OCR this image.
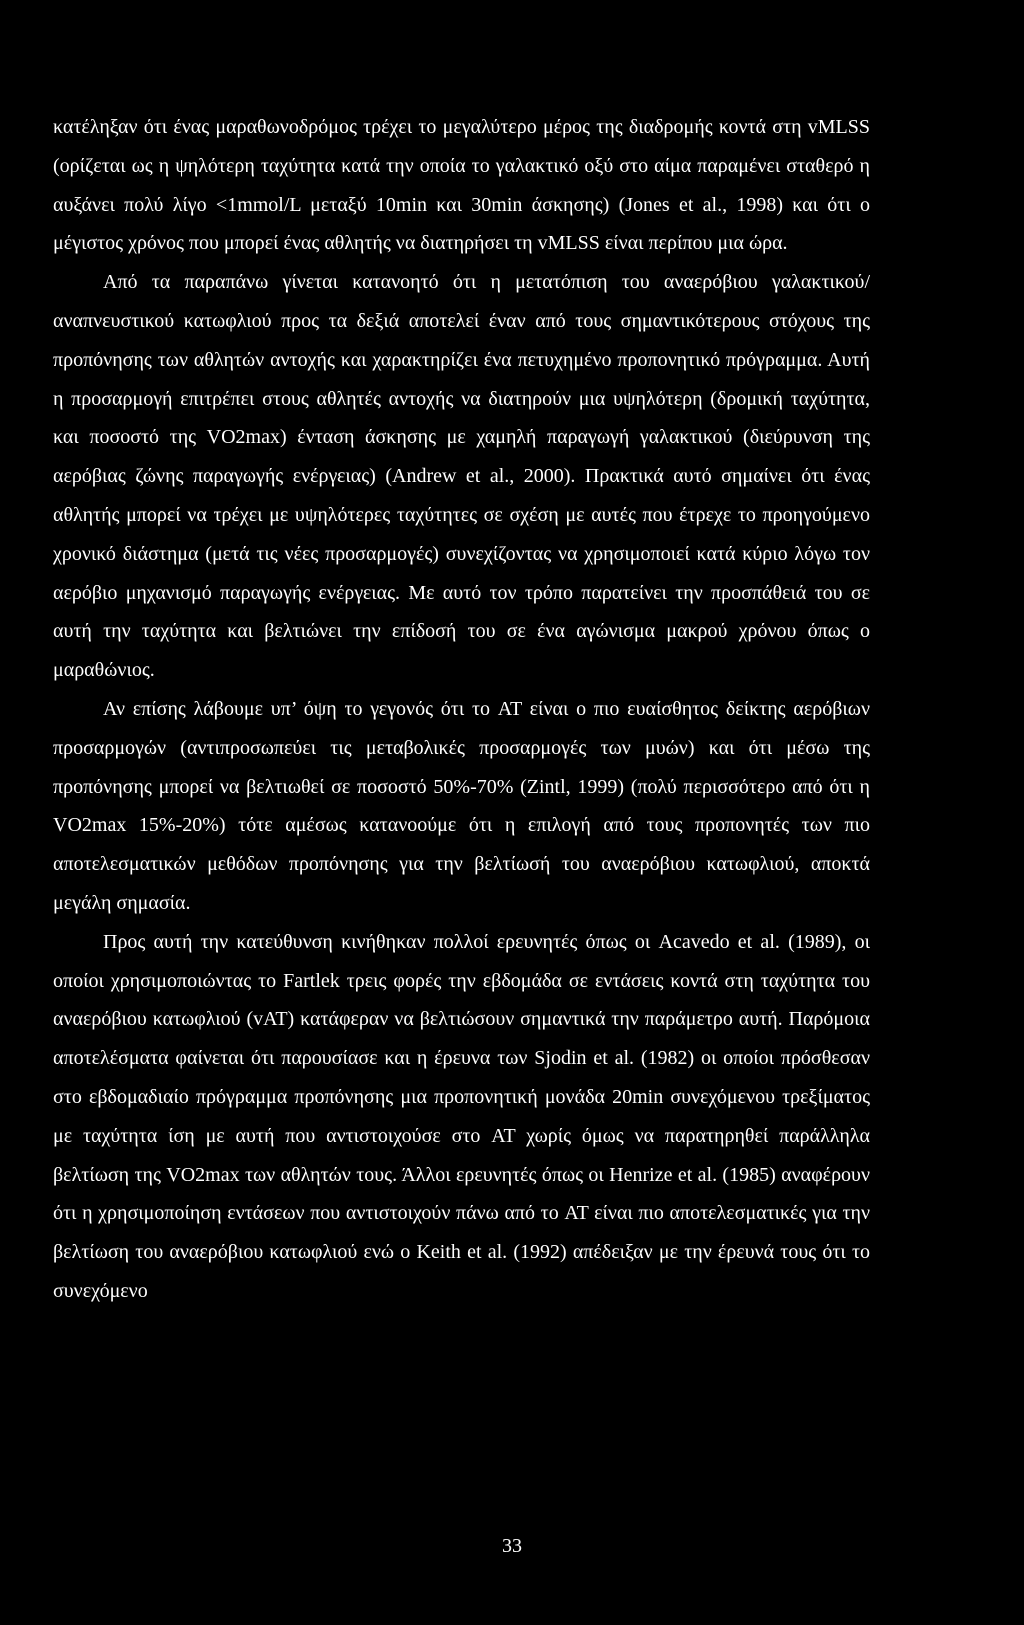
κατέληξαν ότι ένας μαραθωνοδρόμος τρέχει το μεγαλύτερο μέρος της διαδρομής κοντά στη vMLSS (ορίζεται ως η ψηλότερη ταχύτητα κατά την οποία το γαλακτικό οξύ στο αίμα παραμένει σταθερό η αυξάνει πολύ λίγο <1mmol/L μεταξύ 10min και 30min άσκησης) (Jones et al., 1998) και ότι ο μέγιστος χρόνος που μπορεί ένας αθλητής να διατηρήσει τη vMLSS είναι περίπου μια ώρα.

Από τα παραπάνω γίνεται κατανοητό ότι η μετατόπιση του αναερόβιου γαλακτικού/αναπνευστικού κατωφλιού προς τα δεξιά αποτελεί έναν από τους σημαντικότερους στόχους της προπόνησης των αθλητών αντοχής και χαρακτηρίζει ένα πετυχημένο προπονητικό πρόγραμμα. Αυτή η προσαρμογή επιτρέπει στους αθλητές αντοχής να διατηρούν μια υψηλότερη (δρομική ταχύτητα, και ποσοστό της VO2max) ένταση άσκησης με χαμηλή παραγωγή γαλακτικού (διεύρυνση της αερόβιας ζώνης παραγωγής ενέργειας) (Andrew et al., 2000). Πρακτικά αυτό σημαίνει ότι ένας αθλητής μπορεί να τρέχει με υψηλότερες ταχύτητες σε σχέση με αυτές που έτρεχε το προηγούμενο χρονικό διάστημα (μετά τις νέες προσαρμογές) συνεχίζοντας να χρησιμοποιεί κατά κύριο λόγω τον αερόβιο μηχανισμό παραγωγής ενέργειας. Με αυτό τον τρόπο παρατείνει την προσπάθειά του σε αυτή την ταχύτητα και βελτιώνει την επίδοσή του σε ένα αγώνισμα μακρού χρόνου όπως ο μαραθώνιος.

Αν επίσης λάβουμε υπ’ όψη το γεγονός ότι το AT είναι ο πιο ευαίσθητος δείκτης αερόβιων προσαρμογών (αντιπροσωπεύει τις μεταβολικές προσαρμογές των μυών) και ότι μέσω της προπόνησης μπορεί να βελτιωθεί σε ποσοστό 50%-70% (Zintl, 1999) (πολύ περισσότερο από ότι η VO2max 15%-20%) τότε αμέσως κατανοούμε ότι η επιλογή από τους προπονητές των πιο αποτελεσματικών μεθόδων προπόνησης για την βελτίωσή του αναερόβιου κατωφλιού, αποκτά μεγάλη σημασία.

Προς αυτή την κατεύθυνση κινήθηκαν πολλοί ερευνητές όπως οι Acavedo et al. (1989), οι οποίοι χρησιμοποιώντας το Fartlek τρεις φορές την εβδομάδα σε εντάσεις κοντά στη ταχύτητα του αναερόβιου κατωφλιού (vAT) κατάφεραν να βελτιώσουν σημαντικά την παράμετρο αυτή. Παρόμοια αποτελέσματα φαίνεται ότι παρουσίασε και η έρευνα των Sjodin et al. (1982) οι οποίοι πρόσθεσαν στο εβδομαδιαίο πρόγραμμα προπόνησης μια προπονητική μονάδα 20min συνεχόμενου τρεξίματος με ταχύτητα ίση με αυτή που αντιστοιχούσε στο AT χωρίς όμως να παρατηρηθεί παράλληλα βελτίωση της VO2max των αθλητών τους. Άλλοι ερευνητές όπως οι Henrize et al. (1985) αναφέρουν ότι η χρησιμοποίηση εντάσεων που αντιστοιχούν πάνω από το AT είναι πιο αποτελεσματικές για την βελτίωση του αναερόβιου κατωφλιού ενώ ο Keith et al. (1992) απέδειξαν με την έρευνά τους ότι το συνεχόμενο

33
